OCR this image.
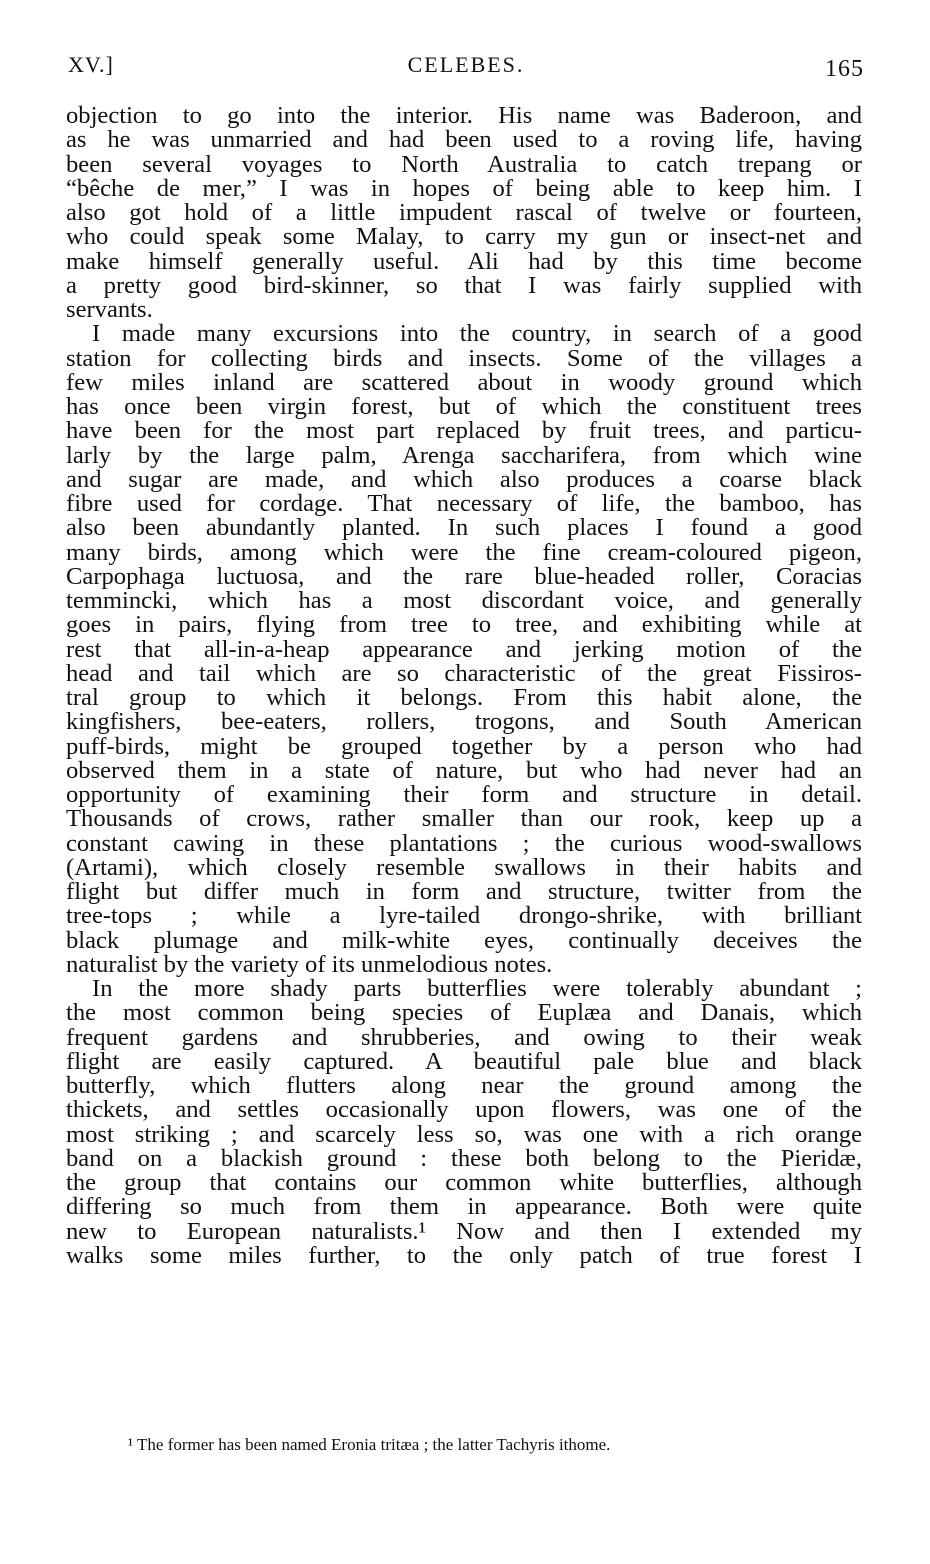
XV.]	CELEBES.	165
objection to go into the interior. His name was Baderoon, and
as he was unmarried and had been used to a roving life, having
been several voyages to North Australia to catch trepang or
“bêche de mer,” I was in hopes of being able to keep him. I
also got hold of a little impudent rascal of twelve or fourteen,
who could speak some Malay, to carry my gun or insect-net and
make himself generally useful. Ali had by this time become
a pretty good bird-skinner, so that I was fairly supplied with
servants.
I made many excursions into the country, in search of a good
station for collecting birds and insects. Some of the villages a
few miles inland are scattered about in woody ground which
has once been virgin forest, but of which the constituent trees
have been for the most part replaced by fruit trees, and particu-
larly by the large palm, Arenga saccharifera, from which wine
and sugar are made, and which also produces a coarse black
fibre used for cordage. That necessary of life, the bamboo, has
also been abundantly planted. In such places I found a good
many birds, among which were the fine cream-coloured pigeon,
Carpophaga luctuosa, and the rare blue-headed roller, Coracias
temmincki, which has a most discordant voice, and generally
goes in pairs, flying from tree to tree, and exhibiting while at
rest that all-in-a-heap appearance and jerking motion of the
head and tail which are so characteristic of the great Fissiros-
tral group to which it belongs. From this habit alone, the
kingfishers, bee-eaters, rollers, trogons, and South American
puff-birds, might be grouped together by a person who had
observed them in a state of nature, but who had never had an
opportunity of examining their form and structure in detail.
Thousands of crows, rather smaller than our rook, keep up a
constant cawing in these plantations ; the curious wood-swallows
(Artami), which closely resemble swallows in their habits and
flight but differ much in form and structure, twitter from the
tree-tops ; while a lyre-tailed drongo-shrike, with brilliant
black plumage and milk-white eyes, continually deceives the
naturalist by the variety of its unmelodious notes.
In the more shady parts butterflies were tolerably abundant ;
the most common being species of Euplæa and Danais, which
frequent gardens and shrubberies, and owing to their weak
flight are easily captured. A beautiful pale blue and black
butterfly, which flutters along near the ground among the
thickets, and settles occasionally upon flowers, was one of the
most striking ; and scarcely less so, was one with a rich orange
band on a blackish ground : these both belong to the Pieridæ,
the group that contains our common white butterflies, although
differing so much from them in appearance. Both were quite
new to European naturalists.¹ Now and then I extended my
walks some miles further, to the only patch of true forest I
¹ The former has been named Eronia tritæa ; the latter Tachyris ithome.
